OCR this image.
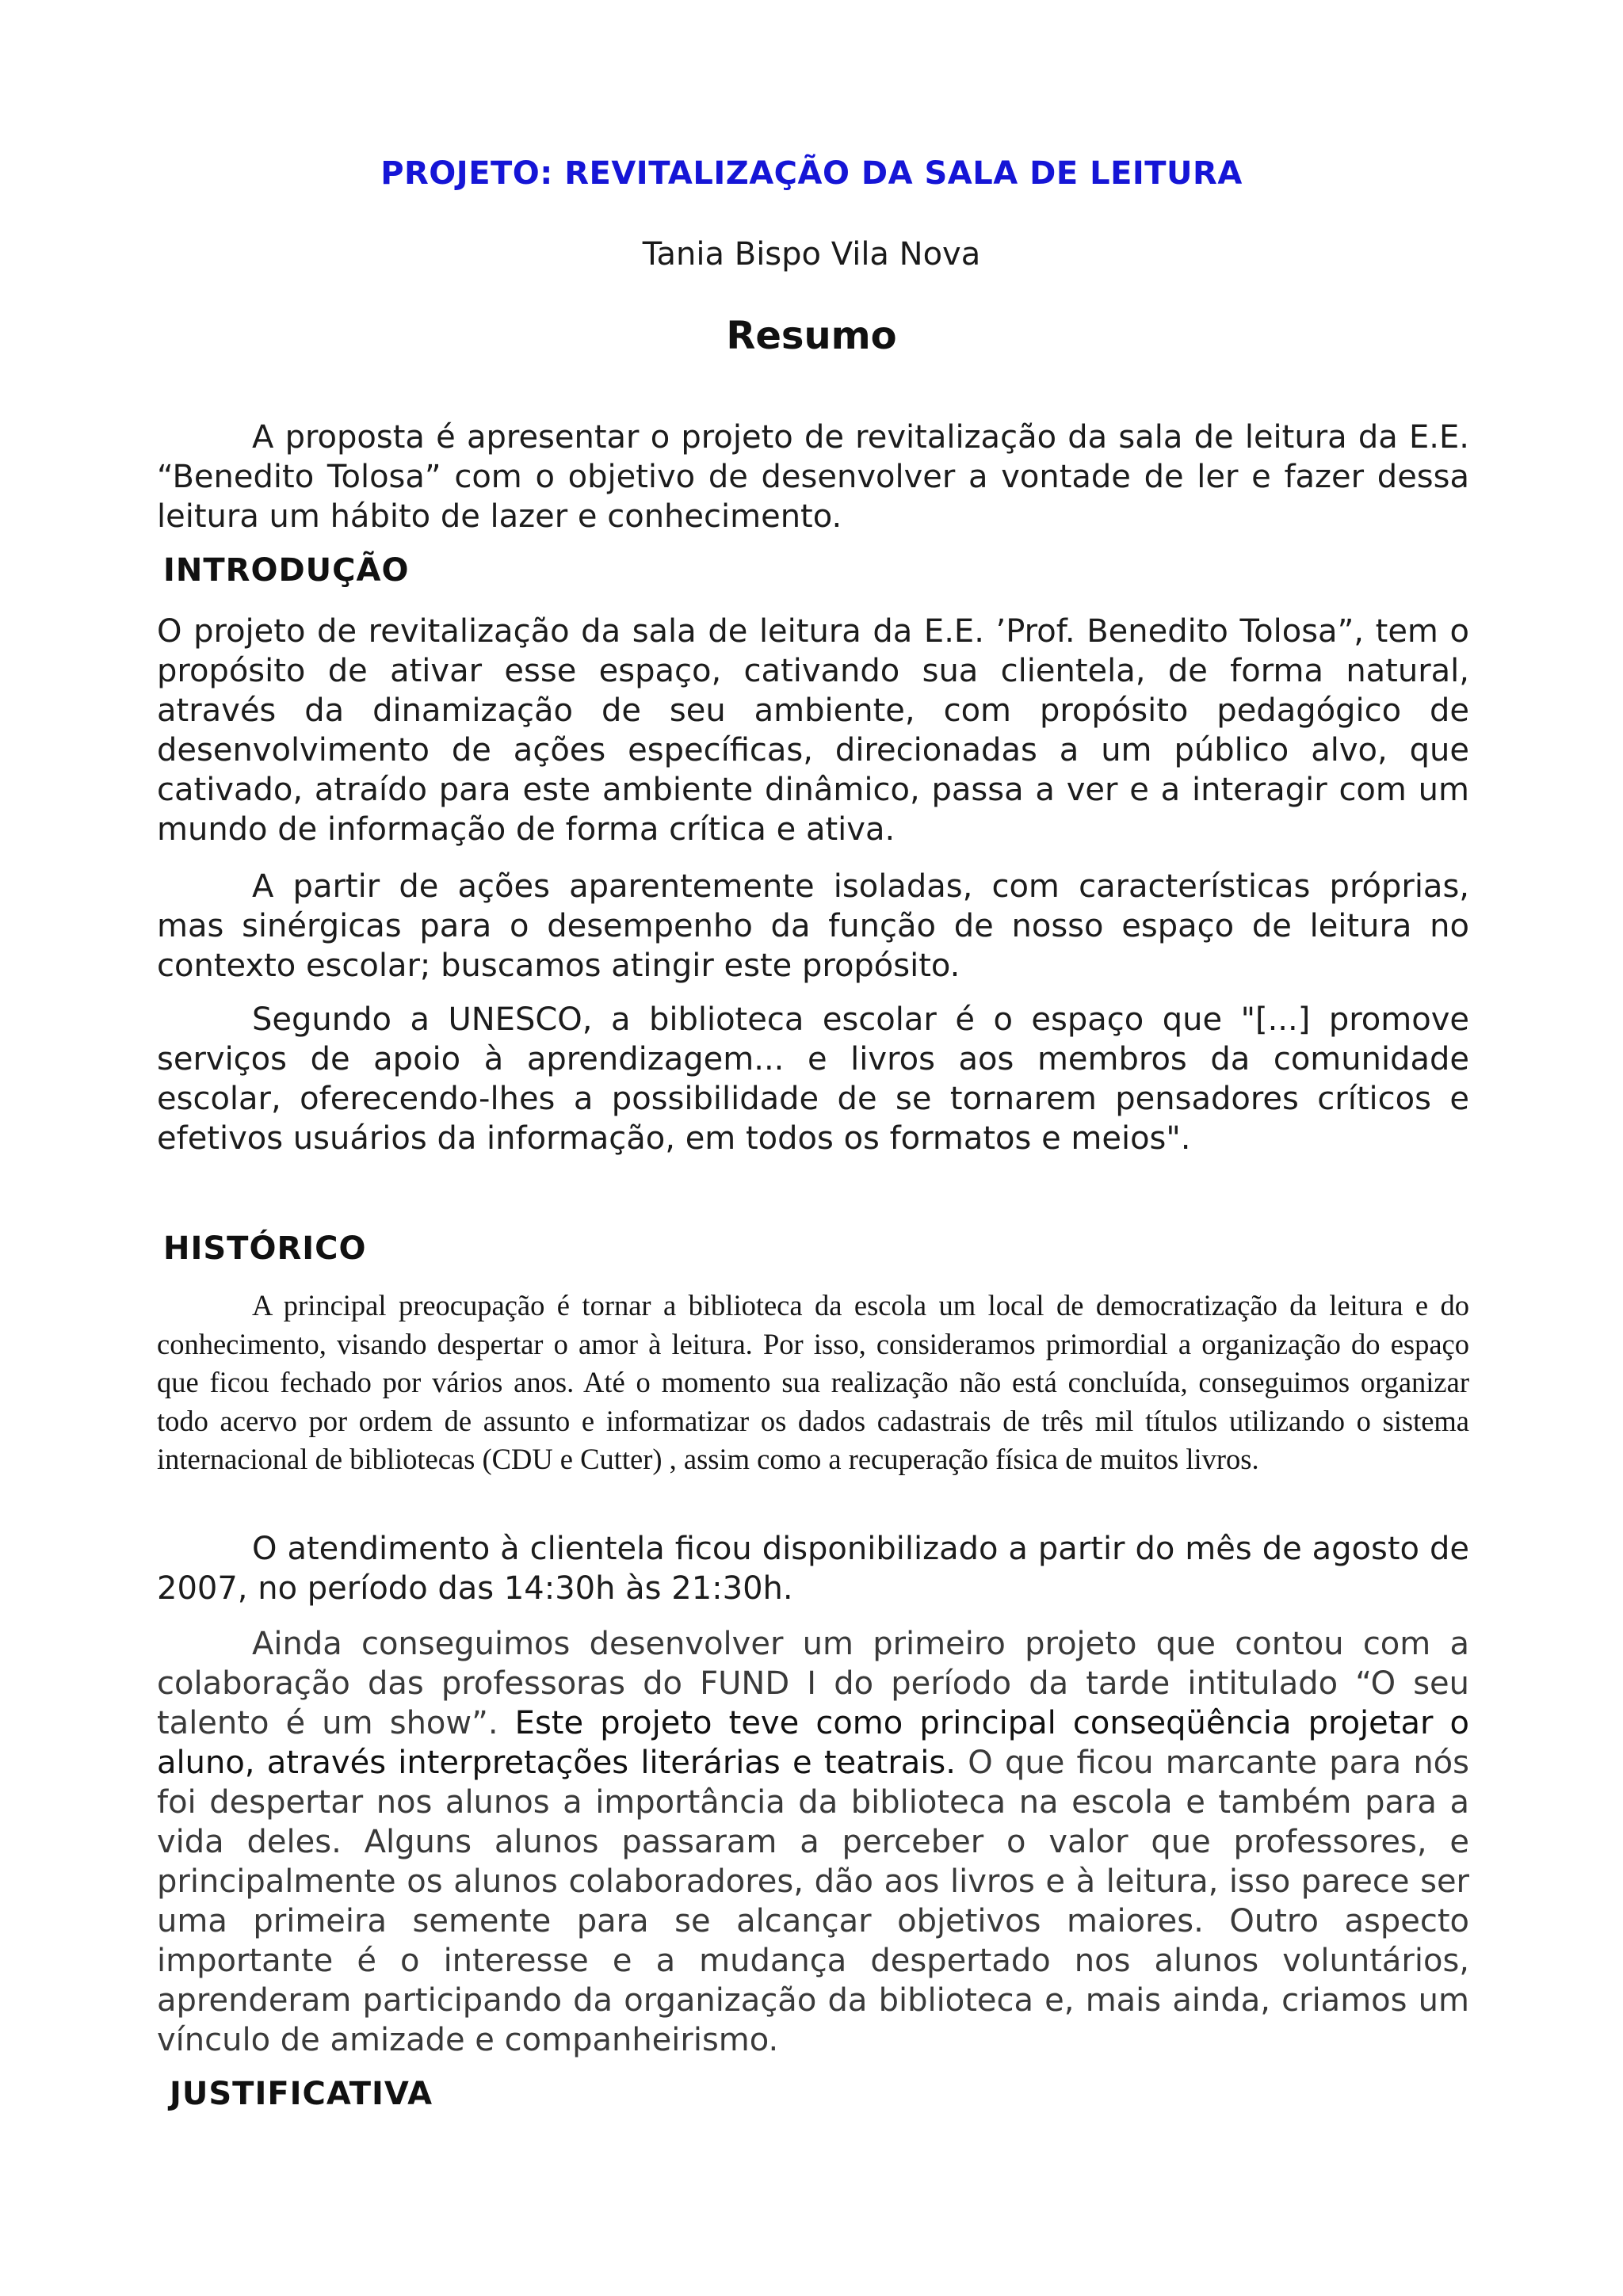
PROJETO: REVITALIZAÇÃO DA SALA DE LEITURA
Tania Bispo Vila Nova
Resumo

A proposta é apresentar o projeto de revitalização da sala de leitura da E.E. “Benedito Tolosa” com o objetivo de desenvolver a vontade de ler e fazer dessa leitura um hábito de lazer e conhecimento.

INTRODUÇÃO

O projeto de revitalização da sala de leitura da E.E. ’Prof. Benedito Tolosa”, tem o propósito de ativar esse espaço, cativando sua clientela, de forma natural, através da dinamização de seu ambiente, com propósito pedagógico de desenvolvimento de ações específicas, direcionadas a um público alvo, que cativado, atraído para este ambiente dinâmico, passa a ver e a interagir com um mundo de informação de forma crítica e ativa.

A partir de ações aparentemente isoladas, com características próprias, mas sinérgicas para o desempenho da função de nosso espaço de leitura no contexto escolar; buscamos atingir este propósito.

Segundo a UNESCO, a biblioteca escolar é o espaço que "[...] promove serviços de apoio à aprendizagem... e livros aos membros da comunidade escolar, oferecendo-lhes a possibilidade de se tornarem pensadores críticos e efetivos usuários da informação, em todos os formatos e meios".

HISTÓRICO

A principal preocupação é tornar a biblioteca da escola um local de democratização da leitura e do conhecimento, visando despertar o amor à leitura. Por isso, consideramos primordial a organização do espaço que ficou fechado por vários anos. Até o momento sua realização não está concluída, conseguimos organizar todo acervo por ordem de assunto e informatizar os dados cadastrais de três mil títulos utilizando o sistema internacional de bibliotecas (CDU e Cutter) , assim como a recuperação física de muitos livros.

O atendimento à clientela ficou disponibilizado a partir do mês de agosto de 2007, no período das 14:30h às 21:30h.

Ainda conseguimos desenvolver um primeiro projeto que contou com a colaboração das professoras do FUND I do período da tarde intitulado “O seu talento é um show”. Este projeto teve como principal conseqüência projetar o aluno, através interpretações literárias e teatrais. O que ficou marcante para nós foi despertar nos alunos a importância da biblioteca na escola e também para a vida deles. Alguns alunos passaram a perceber o valor que professores, e principalmente os alunos colaboradores, dão aos livros e à leitura, isso parece ser uma primeira semente para se alcançar objetivos maiores. Outro aspecto importante é o interesse e a mudança despertado nos alunos voluntários, aprenderam participando da organização da biblioteca e, mais ainda, criamos um vínculo de amizade e companheirismo.

JUSTIFICATIVA
